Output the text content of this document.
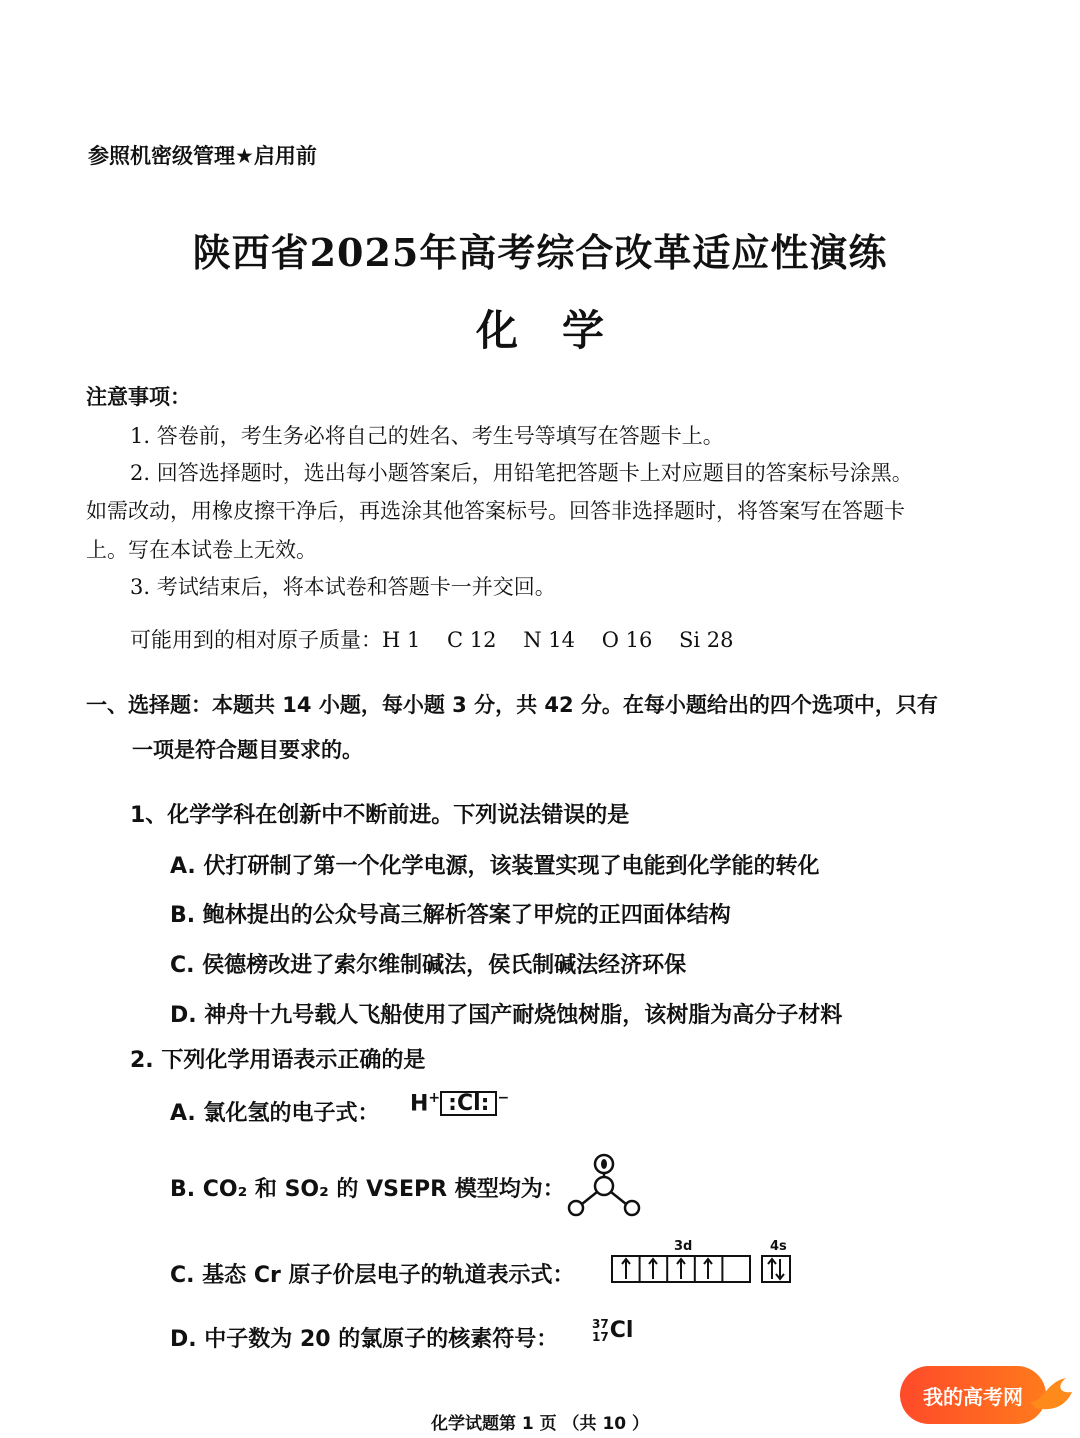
参照机密级管理★启用前
陕西省2025年高考综合改革适应性演练
化学
注意事项：
1. 答卷前，考生务必将自己的姓名、考生号等填写在答题卡上。
2. 回答选择题时，选出每小题答案后，用铅笔把答题卡上对应题目的答案标号涂黑。
如需改动，用橡皮擦干净后，再选涂其他答案标号。回答非选择题时，将答案写在答题卡
上。写在本试卷上无效。
3. 考试结束后，将本试卷和答题卡一并交回。
可能用到的相对原子质量：H 1    C 12    N 14    O 16    Si 28
一、选择题：本题共 14 小题，每小题 3 分，共 42 分。在每小题给出的四个选项中，只有
一项是符合题目要求的。
1、化学学科在创新中不断前进。下列说法错误的是
A. 伏打研制了第一个化学电源，该装置实现了电能到化学能的转化
B. 鲍林提出的公众号高三解析答案了甲烷的正四面体结构
C. 侯德榜改进了索尔维制碱法，侯氏制碱法经济环保
D. 神舟十九号载人飞船使用了国产耐烧蚀树脂，该树脂为高分子材料
2. 下列化学用语表示正确的是
A. 氯化氢的电子式： H+ :Cl: −
B. CO₂ 和 SO₂ 的 VSEPR 模型均为：
C. 基态 Cr 原子价层电子的轨道表示式：
3d	4s
D. 中子数为 20 的氯原子的核素符号：
37
17Cl
化学试题第 1 页 （共 10 ）
我的高考网
